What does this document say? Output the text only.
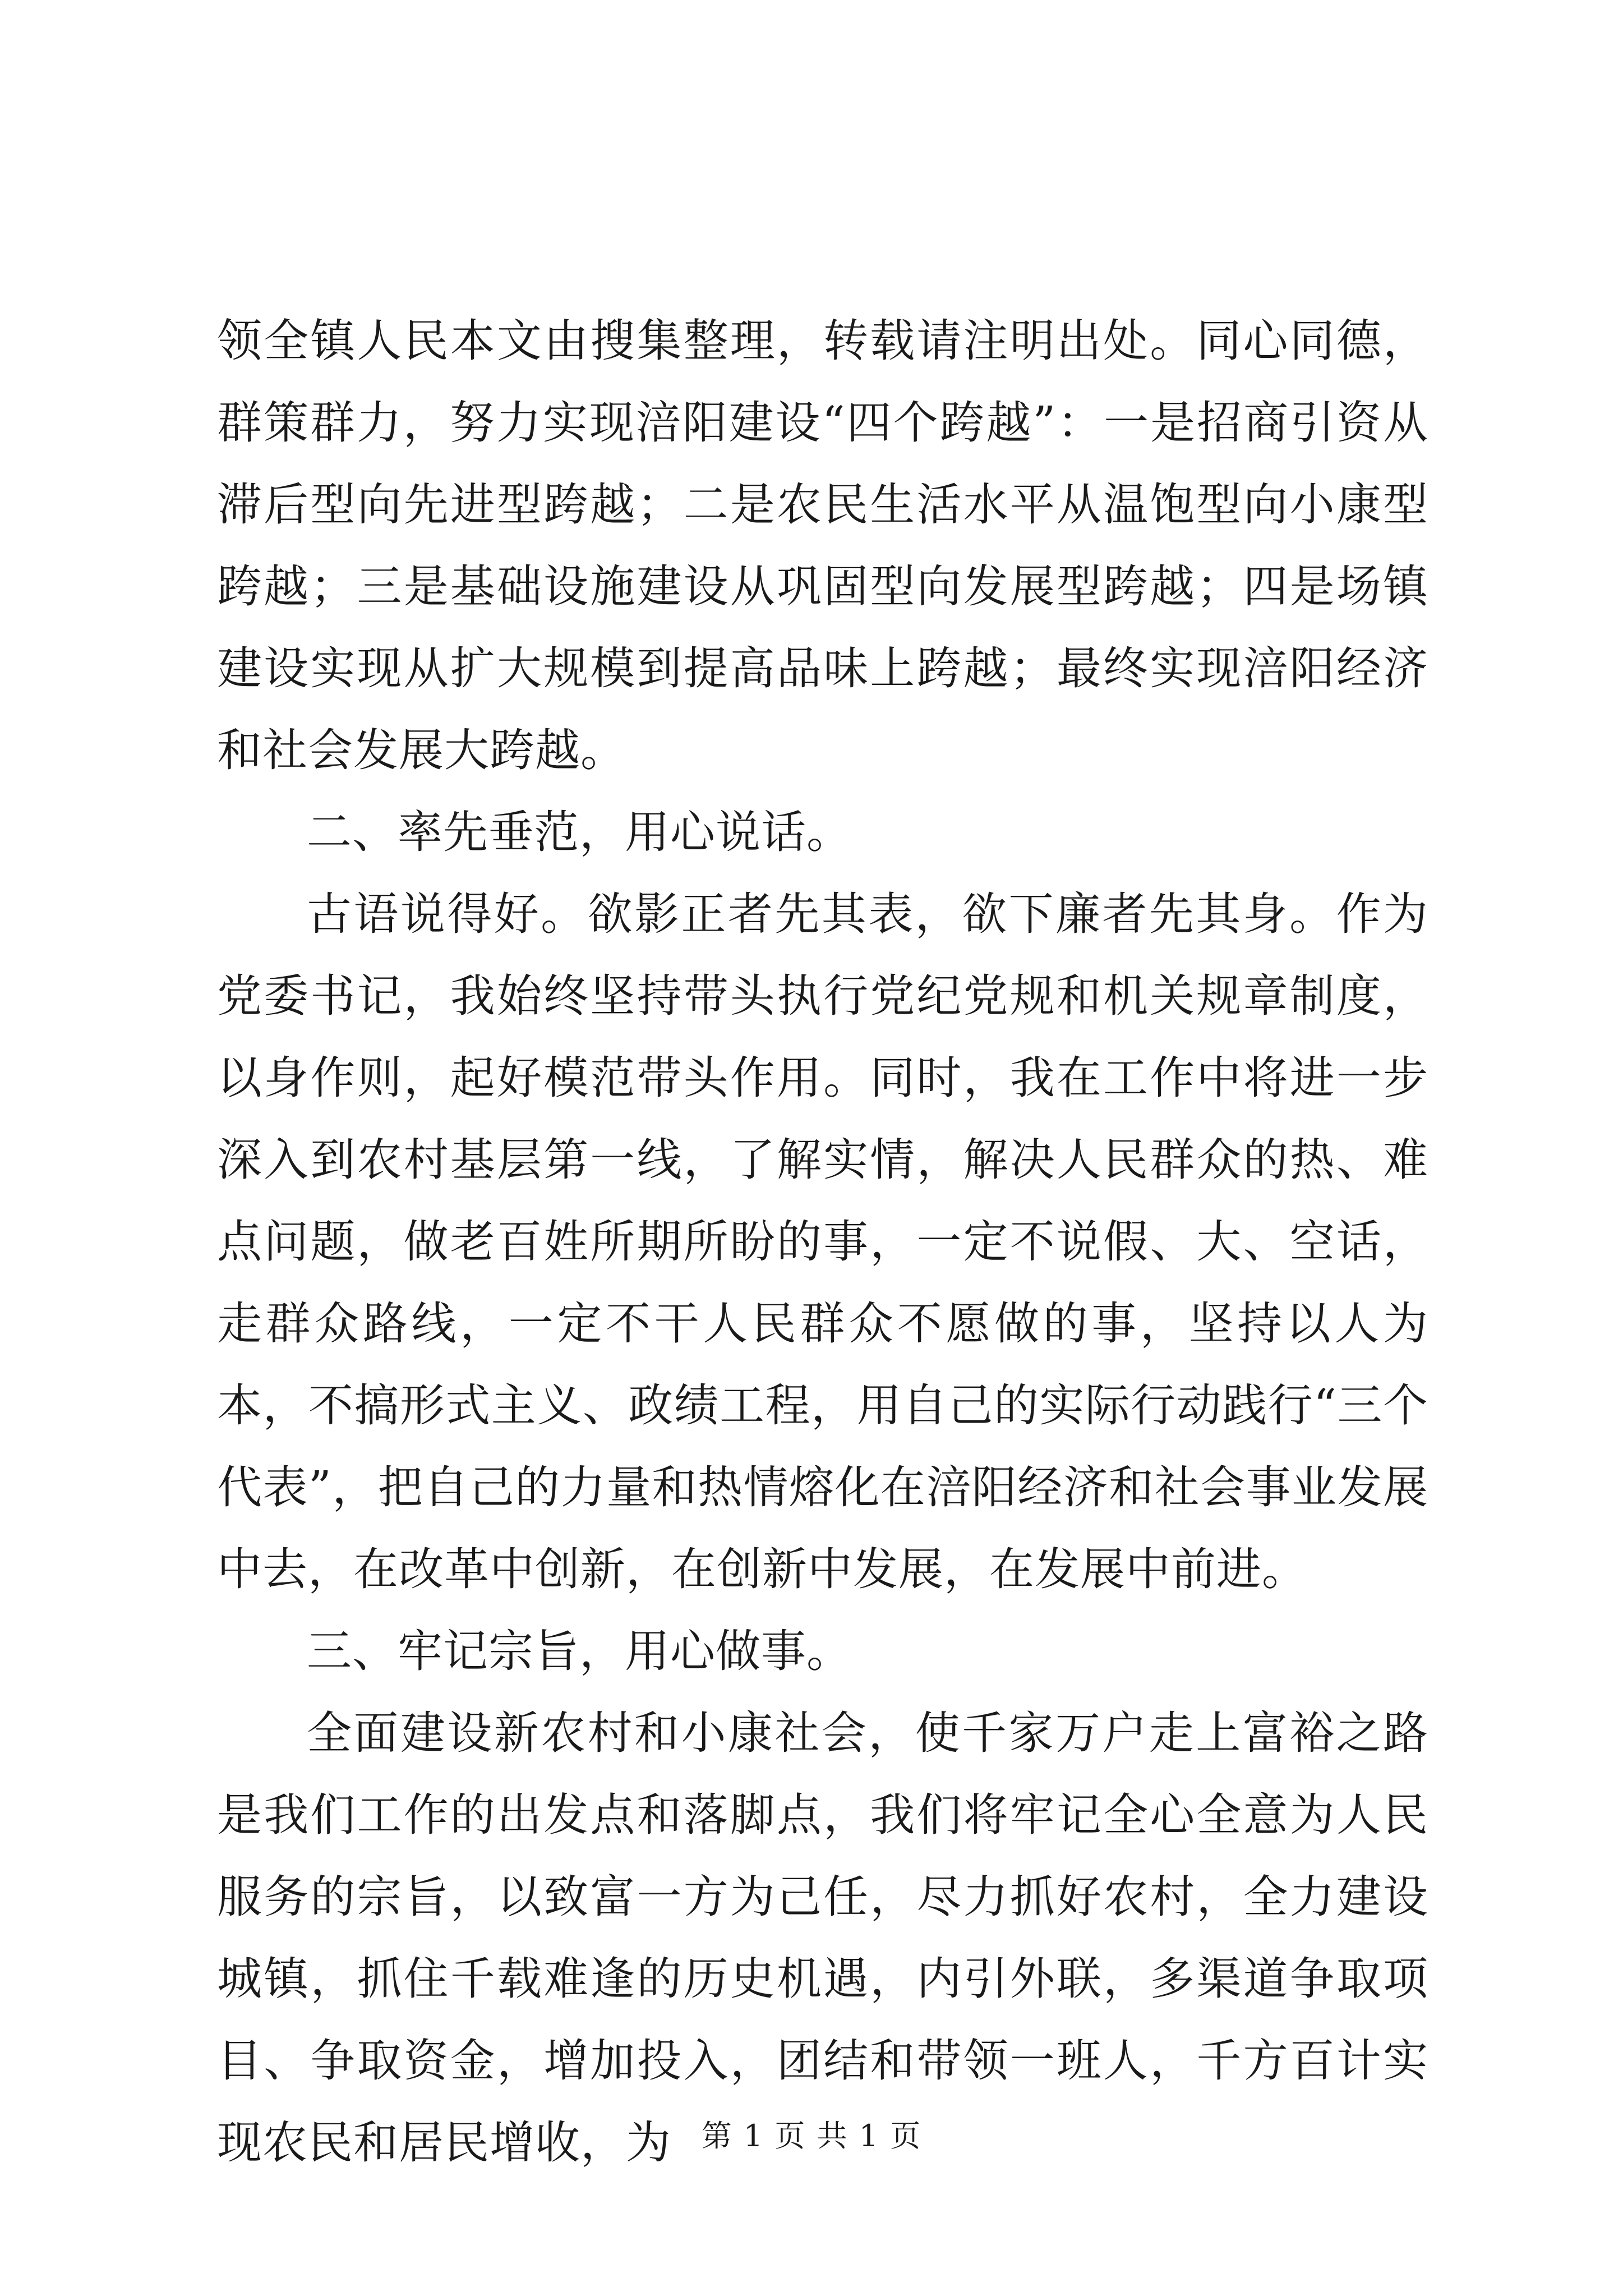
领全镇人民本文由搜集整理，转载请注明出处。同心同德，群策群力，努力实现涪阳建设“四个跨越”：一是招商引资从滞后型向先进型跨越；二是农民生活水平从温饱型向小康型跨越；三是基础设施建设从巩固型向发展型跨越；四是场镇建设实现从扩大规模到提高品味上跨越；最终实现涪阳经济和社会发展大跨越。

二、率先垂范，用心说话。

古语说得好。欲影正者先其表，欲下廉者先其身。作为党委书记，我始终坚持带头执行党纪党规和机关规章制度，以身作则，起好模范带头作用。同时，我在工作中将进一步深入到农村基层第一线，了解实情，解决人民群众的热、难点问题，做老百姓所期所盼的事，一定不说假、大、空话，走群众路线，一定不干人民群众不愿做的事，坚持以人为本，不搞形式主义、政绩工程，用自己的实际行动践行“三个代表”，把自己的力量和热情熔化在涪阳经济和社会事业发展中去，在改革中创新，在创新中发展，在发展中前进。

三、牢记宗旨，用心做事。

全面建设新农村和小康社会，使千家万户走上富裕之路是我们工作的出发点和落脚点，我们将牢记全心全意为人民服务的宗旨，以致富一方为己任，尽力抓好农村，全力建设城镇，抓住千载难逢的历史机遇，内引外联，多渠道争取项目、争取资金，增加投入，团结和带领一班人，千方百计实现农民和居民增收，为 第 1 页 共 1 页
